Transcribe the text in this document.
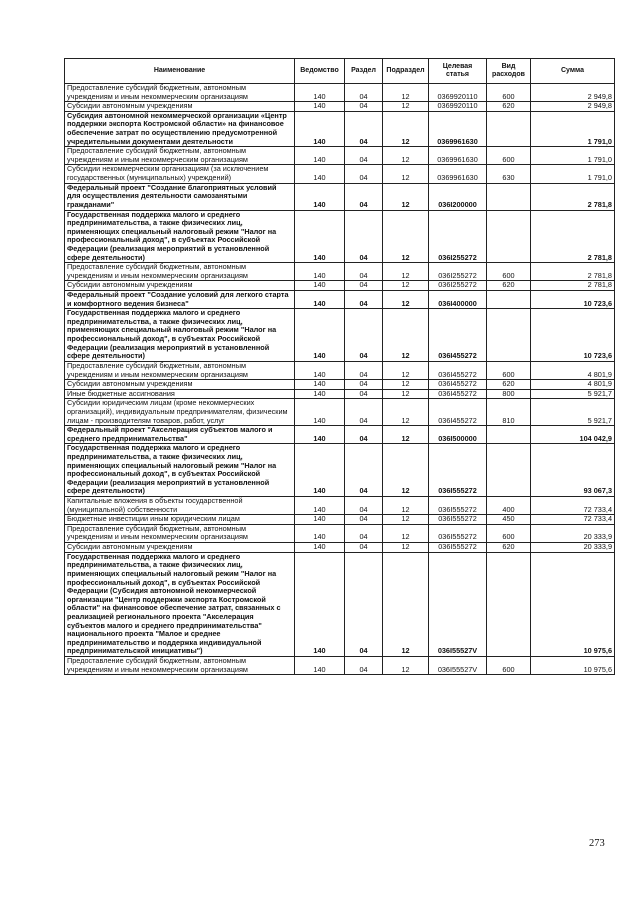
Наименование	Ведомство	Раздел	Подраздел	Целевая статья	Вид расходов	Сумма
Предоставление субсидий бюджетным, автономным учреждениям и иным некоммерческим организациям	140	04	12	0369920110	600	2 949,8
Субсидии автономным учреждениям	140	04	12	0369920110	620	2 949,8
Субсидия автономной некоммерческой организации «Центр поддержки экспорта Костромской области» на финансовое обеспечение затрат по осуществлению предусмотренной учредительными документами деятельности	140	04	12	0369961630		1 791,0
Предоставление субсидий бюджетным, автономным учреждениям и иным некоммерческим организациям	140	04	12	0369961630	600	1 791,0
Субсидии некоммерческим организациям (за исключением государственных (муниципальных) учреждений)	140	04	12	0369961630	630	1 791,0
Федеральный проект "Создание благоприятных условий для осуществления деятельности самозанятыми гражданами"	140	04	12	036I200000		2 781,8
Государственная поддержка малого и среднего предпринимательства, а также физических лиц, применяющих специальный налоговый режим "Налог на профессиональный доход", в субъектах Российской Федерации (реализация мероприятий в установленной сфере деятельности)	140	04	12	036I255272		2 781,8
Предоставление субсидий бюджетным, автономным учреждениям и иным некоммерческим организациям	140	04	12	036I255272	600	2 781,8
Субсидии автономным учреждениям	140	04	12	036I255272	620	2 781,8
Федеральный проект "Создание условий для легкого старта и комфортного ведения бизнеса"	140	04	12	036I400000		10 723,6
Государственная поддержка малого и среднего предпринимательства, а также физических лиц, применяющих специальный налоговый режим "Налог на профессиональный доход", в субъектах Российской Федерации (реализация мероприятий в установленной сфере деятельности)	140	04	12	036I455272		10 723,6
Предоставление субсидий бюджетным, автономным учреждениям и иным некоммерческим организациям	140	04	12	036I455272	600	4 801,9
Субсидии автономным учреждениям	140	04	12	036I455272	620	4 801,9
Иные бюджетные ассигнования	140	04	12	036I455272	800	5 921,7
Субсидии юридическим лицам (кроме некоммерческих организаций), индивидуальным предпринимателям, физическим лицам - производителям товаров, работ, услуг	140	04	12	036I455272	810	5 921,7
Федеральный проект "Акселерация субъектов малого и среднего предпринимательства"	140	04	12	036I500000		104 042,9
Государственная поддержка малого и среднего предпринимательства, а также физических лиц, применяющих специальный налоговый режим "Налог на профессиональный доход", в субъектах Российской Федерации (реализация мероприятий в установленной сфере деятельности)	140	04	12	036I555272		93 067,3
Капитальные вложения в объекты государственной (муниципальной) собственности	140	04	12	036I555272	400	72 733,4
Бюджетные инвестиции иным юридическим лицам	140	04	12	036I555272	450	72 733,4
Предоставление субсидий бюджетным, автономным учреждениям и иным некоммерческим организациям	140	04	12	036I555272	600	20 333,9
Субсидии автономным учреждениям	140	04	12	036I555272	620	20 333,9
Государственная поддержка малого и среднего предпринимательства, а также физических лиц, применяющих специальный налоговый режим "Налог на профессиональный доход", в субъектах Российской Федерации (Субсидия автономной некоммерческой организации "Центр поддержки экспорта Костромской области" на финансовое обеспечение затрат, связанных с реализацией регионального проекта "Акселерация субъектов малого и среднего предпринимательства" национального проекта "Малое и среднее предпринимательство и поддержка индивидуальной предпринимательской инициативы")	140	04	12	036I55527V		10 975,6
Предоставление субсидий бюджетным, автономным учреждениям и иным некоммерческим организациям	140	04	12	036I55527V	600	10 975,6
273
